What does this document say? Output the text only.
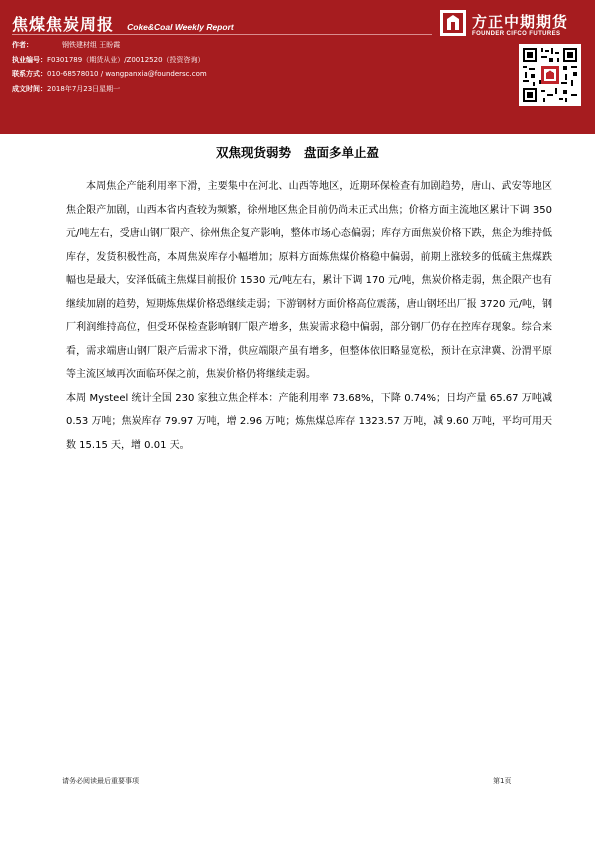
焦煤焦炭周报 Coke&Coal Weekly Report
作者：	钢铁建材组 王盼霞
执业编号：F0301789（期货从业）/Z0012520（投资咨询）
联系方式：010-68578010 / wangpanxia@foundersc.com
成文时间：2018年7月23日星期一
方正中期期货
FOUNDER CIFCO FUTURES
双焦现货弱势   盘面多单止盈

本周焦企产能利用率下滑，主要集中在河北、山西等地区，近期环保检查有加剧趋势，唐山、武安等地区焦企限产加剧，山西本省内查较为频繁，徐州地区焦企目前仍尚未正式出焦；价格方面主流地区累计下调 350 元/吨左右，受唐山钢厂限产、徐州焦企复产影响，整体市场心态偏弱；库存方面焦炭价格下跌，焦企为维持低库存，发货积极性高，本周焦炭库存小幅增加；原料方面炼焦煤价格稳中偏弱，前期上涨较多的低硫主焦煤跌幅也是最大，安泽低硫主焦煤目前报价 1530 元/吨左右，累计下调 170 元/吨，焦炭价格走弱，焦企限产也有继续加剧的趋势，短期炼焦煤价格恐继续走弱；下游钢材方面价格高位震荡，唐山钢坯出厂报 3720 元/吨，钢厂利润维持高位，但受环保检查影响钢厂限产增多，焦炭需求稳中偏弱，部分钢厂仍存在控库存现象。综合来看，需求端唐山钢厂限产后需求下滑，供应端限产虽有增多，但整体依旧略显宽松，预计在京津冀、汾渭平原等主流区域再次面临环保之前，焦炭价格仍将继续走弱。

本周 Mysteel 统计全国 230 家独立焦企样本：产能利用率 73.68%，下降 0.74%；日均产量 65.67 万吨减 0.53 万吨；焦炭库存 79.97 万吨，增 2.96 万吨；炼焦煤总库存 1323.57 万吨，减 9.60 万吨，平均可用天数 15.15 天，增 0.01 天。

请务必阅读最后重要事项	第1页
